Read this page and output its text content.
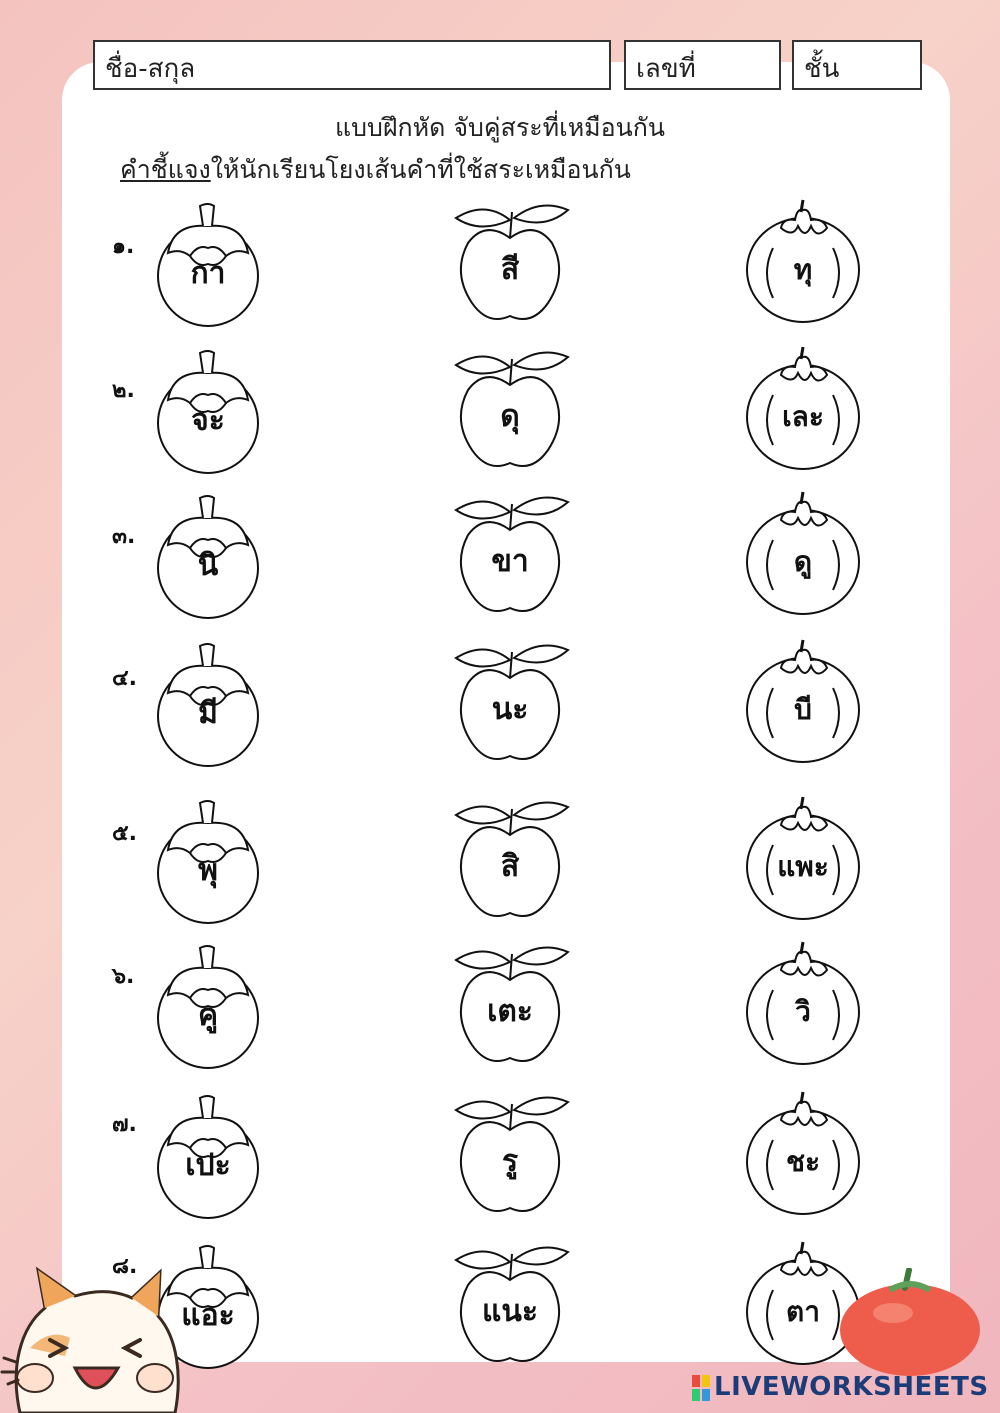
ชื่อ-สกุล	เลขที่	ชั้น
แบบฝึกหัด จับคู่สระที่เหมือนกัน
คำชี้แจงให้นักเรียนโยงเส้นคำที่ใช้สระเหมือนกัน
๑.
กา	สี	ทุ
๒.
จะ	ดุ	เละ
๓.
นิ	ขา	ดู
๔.
มี	นะ	บี
๕.
พุ	สิ	แพะ
๖.
คู	เตะ	วิ
๗.
เปะ	รู	ชะ
๘.
แอะ	แนะ	ตา
LIVEWORKSHEETS
